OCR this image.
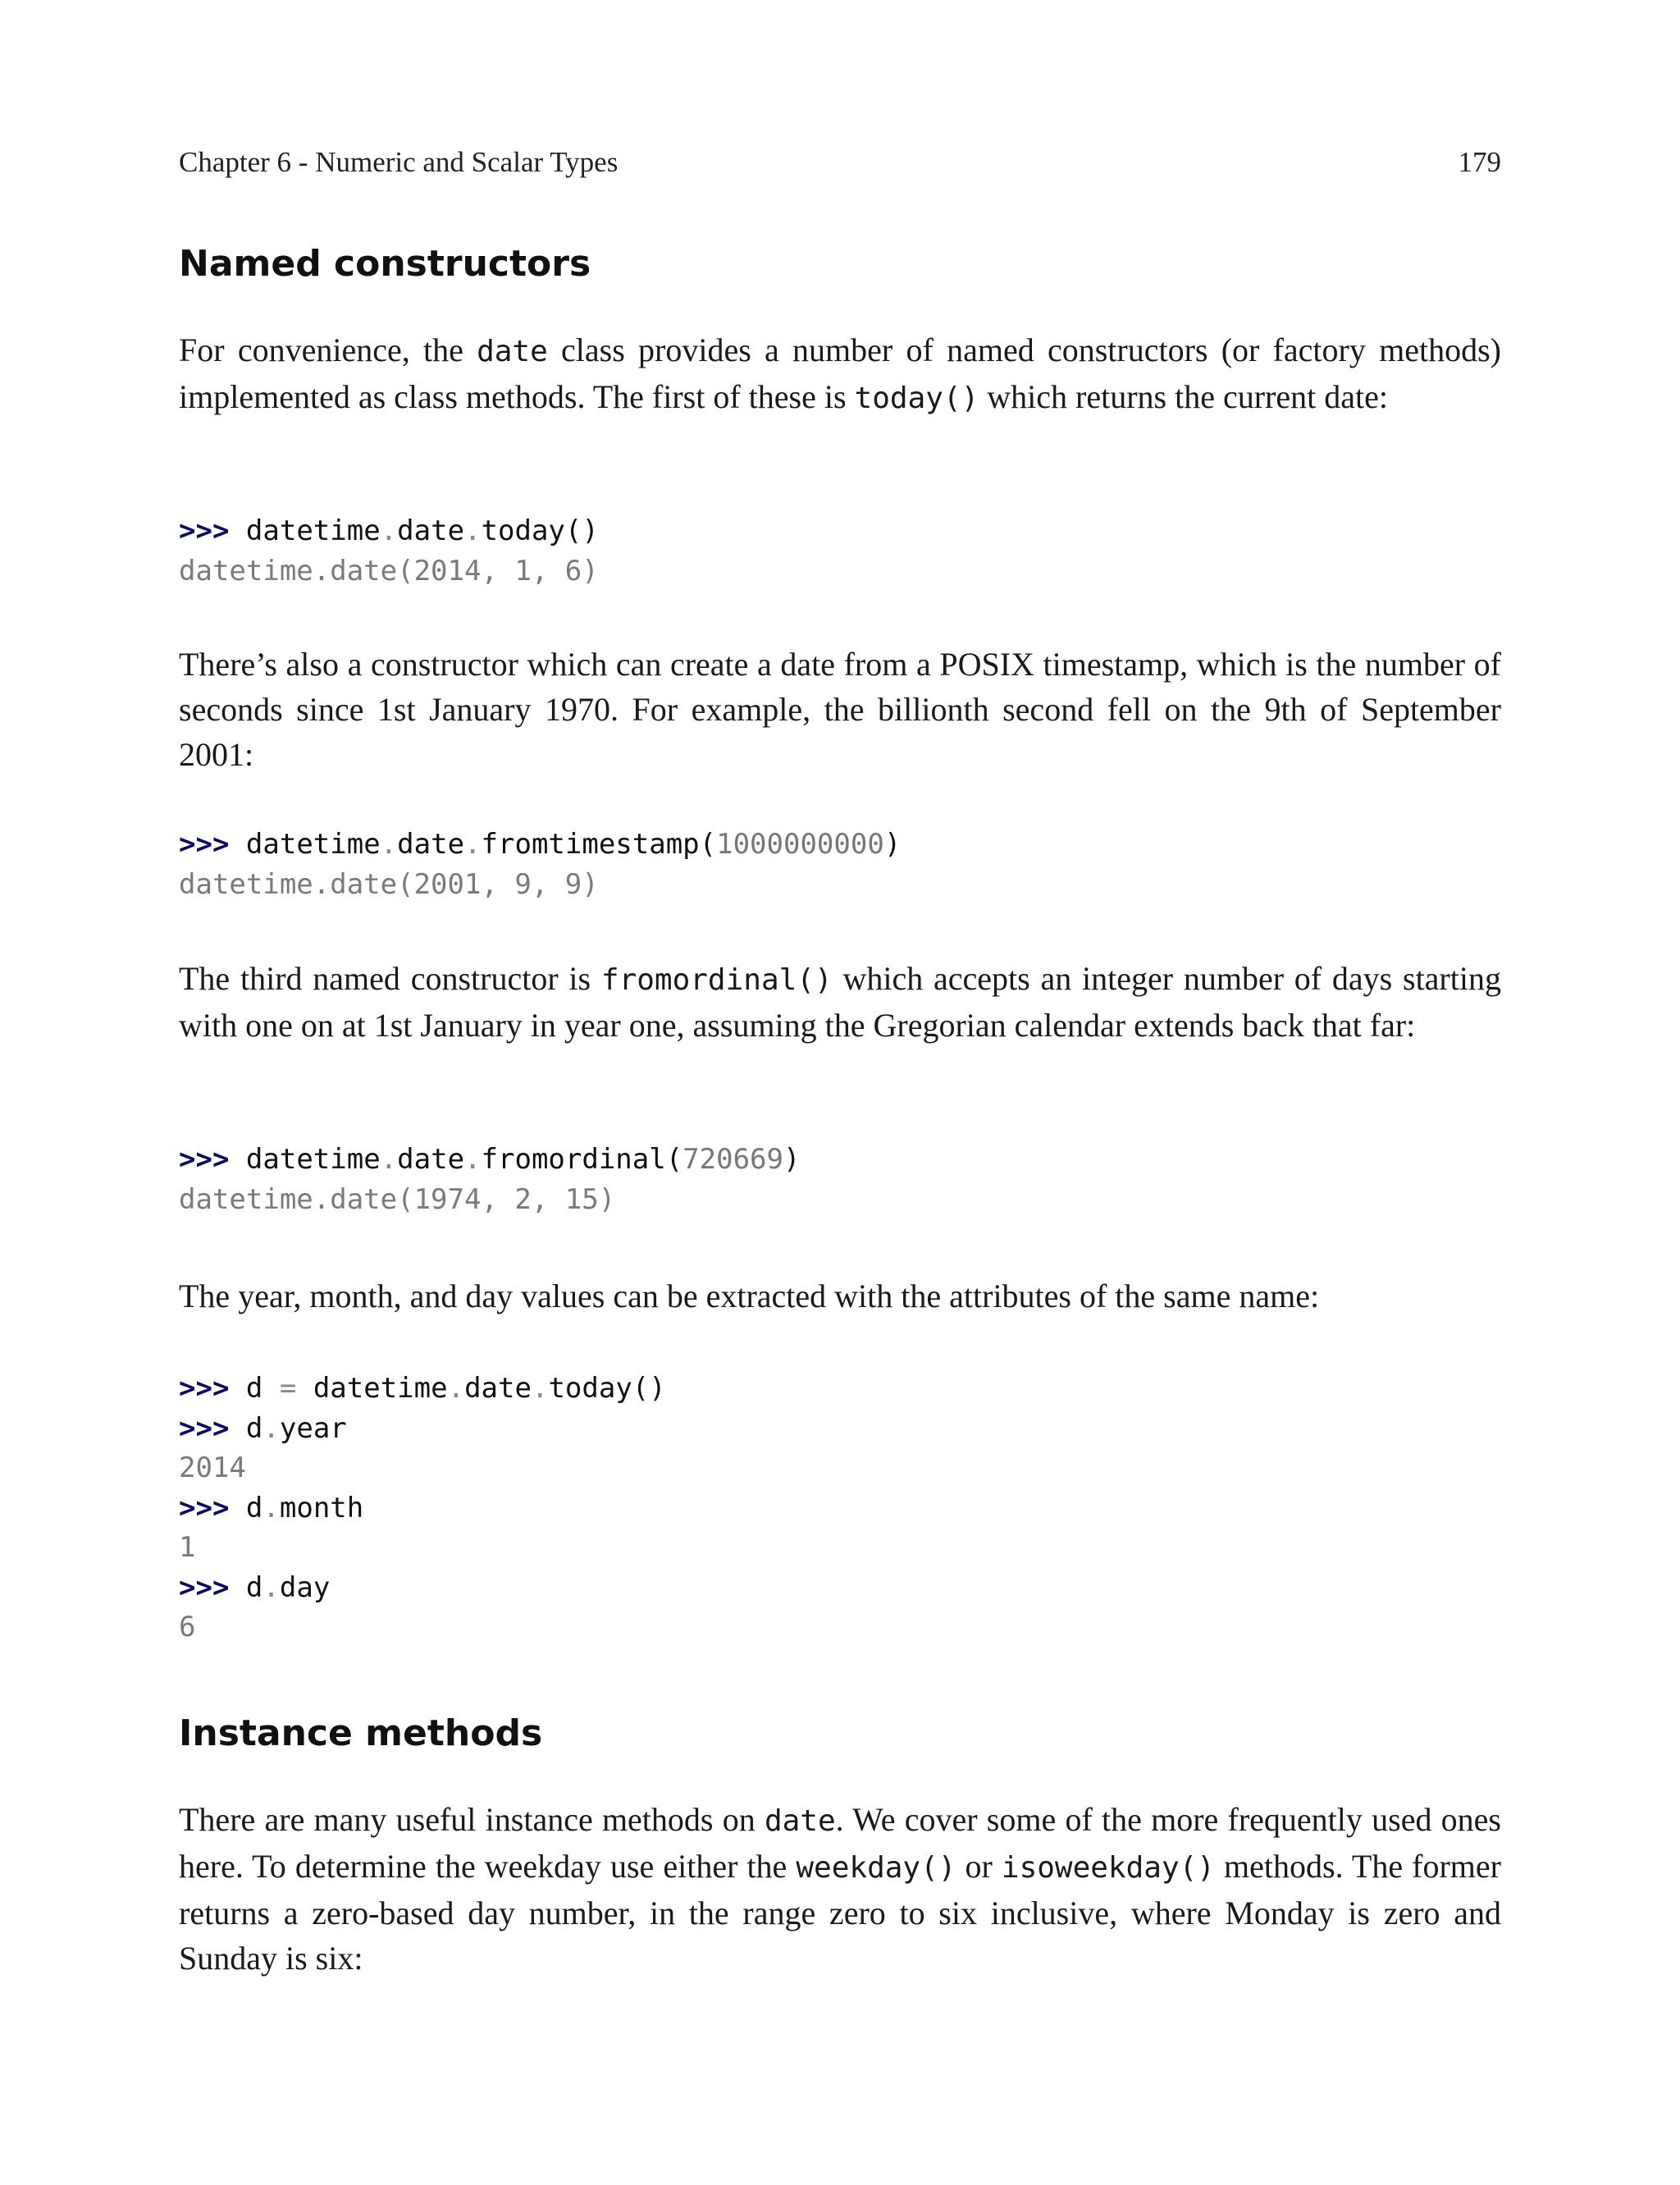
Chapter 6 - Numeric and Scalar Types	179
Named constructors

For convenience, the date class provides a number of named constructors (or factory methods) implemented as class methods. The first of these is today() which returns the current date:

>>> datetime.date.today()
datetime.date(2014, 1, 6)

There’s also a constructor which can create a date from a POSIX timestamp, which is the number of seconds since 1st January 1970. For example, the billionth second fell on the 9th of September 2001:

>>> datetime.date.fromtimestamp(1000000000)
datetime.date(2001, 9, 9)

The third named constructor is fromordinal() which accepts an integer number of days starting with one on at 1st January in year one, assuming the Gregorian calendar extends back that far:

>>> datetime.date.fromordinal(720669)
datetime.date(1974, 2, 15)

The year, month, and day values can be extracted with the attributes of the same name:

>>> d = datetime.date.today()
>>> d.year
2014
>>> d.month
1
>>> d.day
6
Instance methods

There are many useful instance methods on date. We cover some of the more frequently used ones here. To determine the weekday use either the weekday() or isoweekday() methods. The former returns a zero-based day number, in the range zero to six inclusive, where Monday is zero and Sunday is six:
